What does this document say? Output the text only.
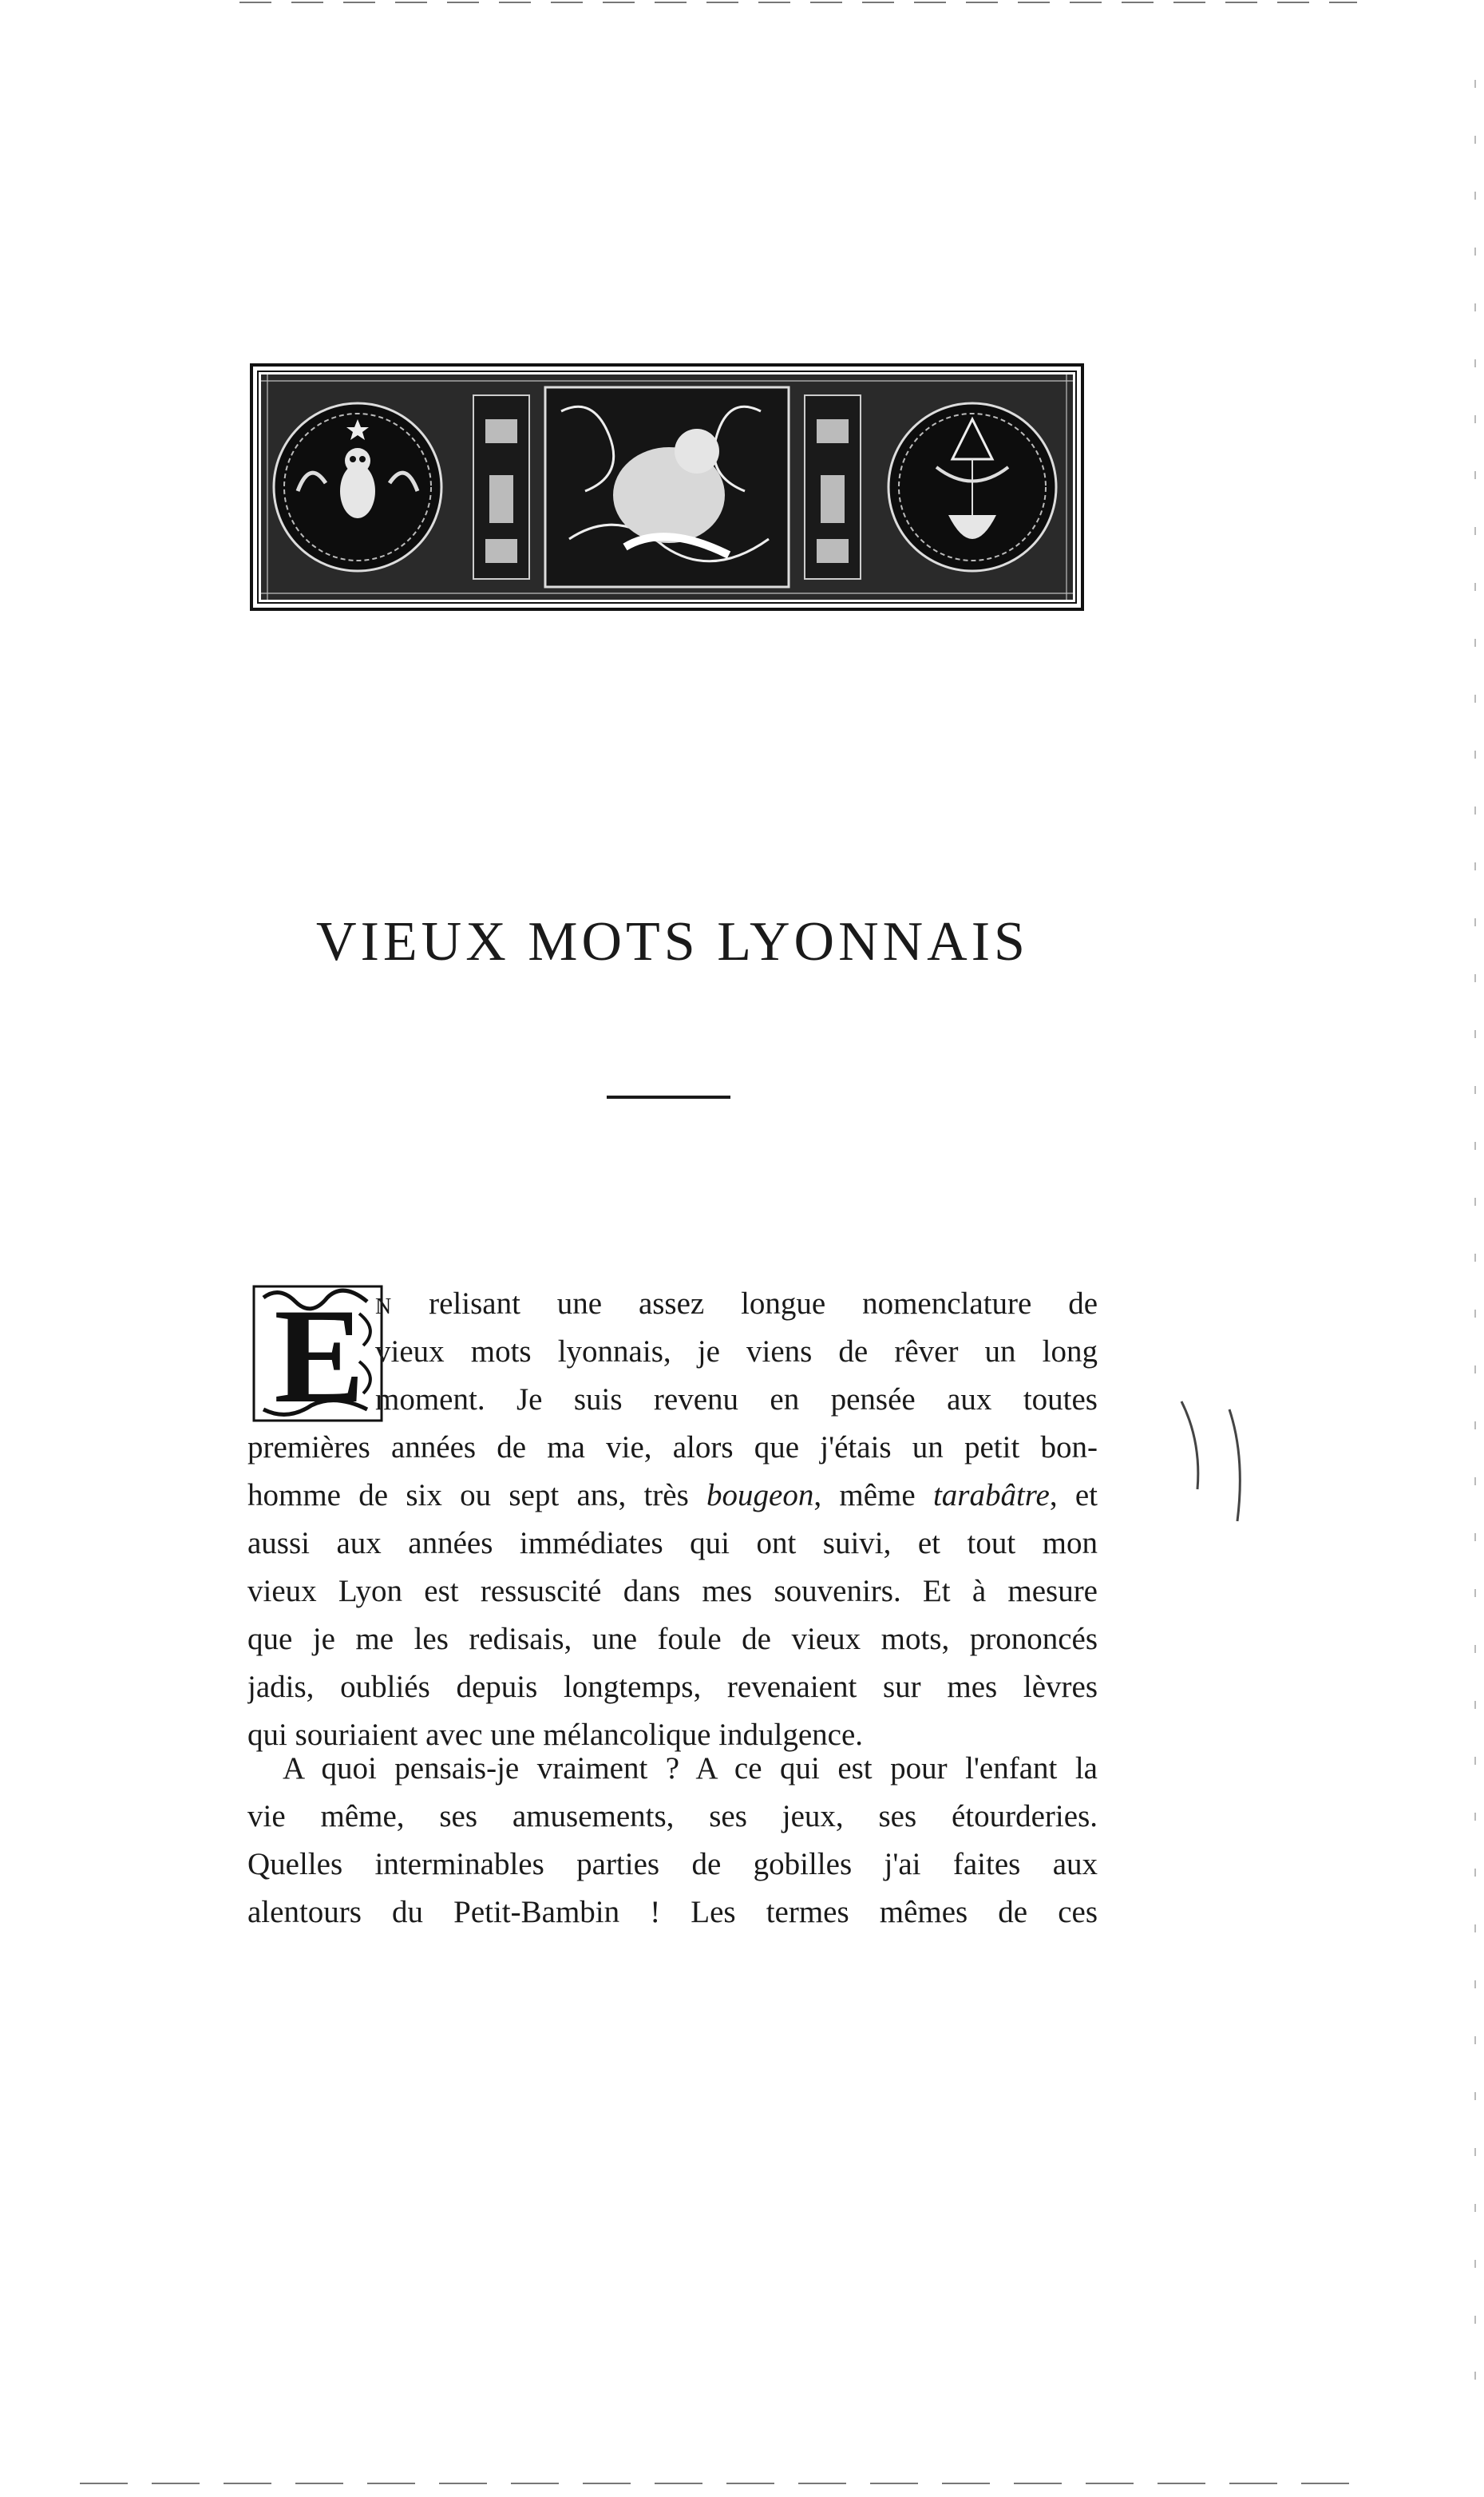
VIEUX MOTS LYONNAIS
E N relisant une assez longue nomenclature de
vieux mots lyonnais, je viens de rêver un long
moment. Je suis revenu en pensée aux toutes
premières années de ma vie, alors que j'étais un petit bon-
homme de six ou sept ans, très bougeon, même tarabâtre, et
aussi aux années immédiates qui ont suivi, et tout mon
vieux Lyon est ressuscité dans mes souvenirs. Et à mesure
que je me les redisais, une foule de vieux mots, prononcés
jadis, oubliés depuis longtemps, revenaient sur mes lèvres
qui souriaient avec une mélancolique indulgence.
A quoi pensais-je vraiment ? A ce qui est pour l'enfant la
vie même, ses amusements, ses jeux, ses étourderies.
Quelles interminables parties de gobilles j'ai faites aux
alentours du Petit-Bambin ! Les termes mêmes de ces
